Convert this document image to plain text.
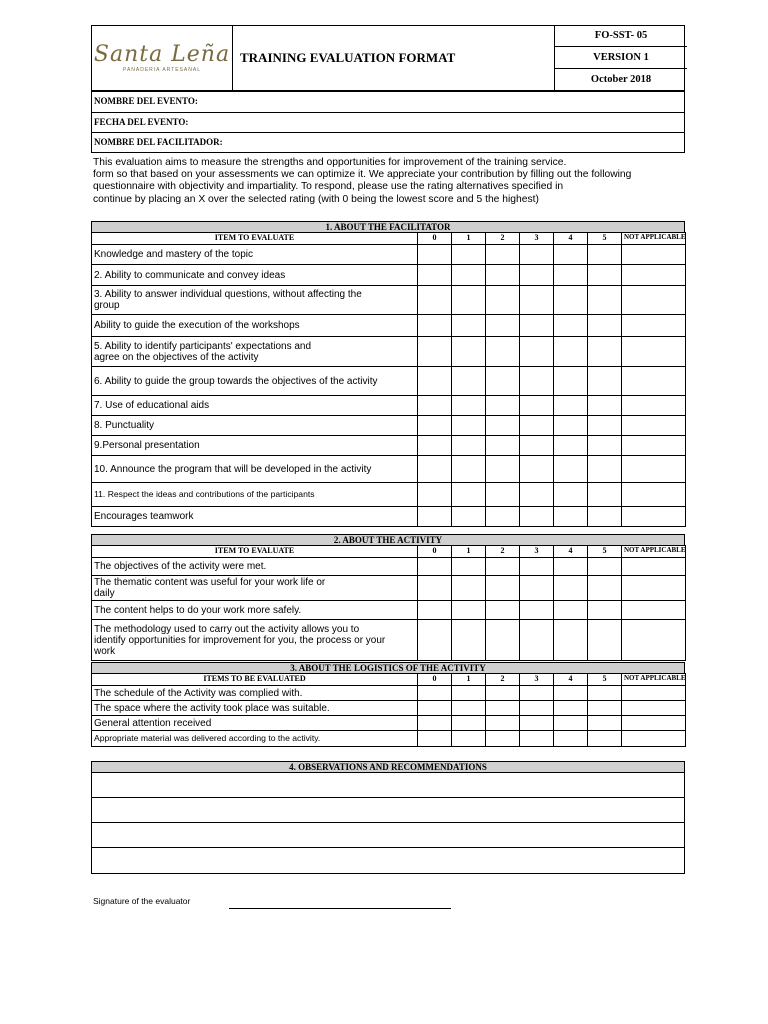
Santa Leña
PANADERIA ARTESANAL
TRAINING EVALUATION FORMAT
FO-SST- 05
VERSION 1
October 2018
NOMBRE DEL EVENTO:
FECHA DEL EVENTO:
NOMBRE DEL FACILITADOR:
This evaluation aims to measure the strengths and opportunities for improvement of the training service.
form so that based on your assessments we can optimize it. We appreciate your contribution by filling out the following
questionnaire with objectivity and impartiality. To respond, please use the rating alternatives specified in
continue by placing an X over the selected rating (with 0 being the lowest score and 5 the highest)
1. ABOUT THE FACILITATOR
ITEM TO EVALUATE	0	1	2	3	4	5	NOT APPLICABLE

Knowledge and mastery of the topic							

2. Ability to communicate and convey ideas							

3. Ability to answer individual questions, without affecting the
group							

Ability to guide the execution of the workshops							

5. Ability to identify participants' expectations and
agree on the objectives of the activity							

6. Ability to guide the group towards the objectives of the activity							

7. Use of educational aids							

8. Punctuality							

9.Personal presentation							

10. Announce the program that will be developed in the activity							

11. Respect the ideas and contributions of the participants							

Encourages teamwork							

2. ABOUT THE ACTIVITY
ITEM TO EVALUATE	0	1	2	3	4	5	NOT APPLICABLE

The objectives of the activity were met.							

The thematic content was useful for your work life or
daily							

The content helps to do your work more safely.							

The methodology used to carry out the activity allows you to
identify opportunities for improvement for you, the process or your
work							

3. ABOUT THE LOGISTICS OF THE ACTIVITY
ITEMS TO BE EVALUATED	0	1	2	3	4	5	NOT APPLICABLE

The schedule of the Activity was complied with.							

The space where the activity took place was suitable.							

General attention received							

Appropriate material was delivered according to the activity.							

4. OBSERVATIONS AND RECOMMENDATIONS
Signature of the evaluator
